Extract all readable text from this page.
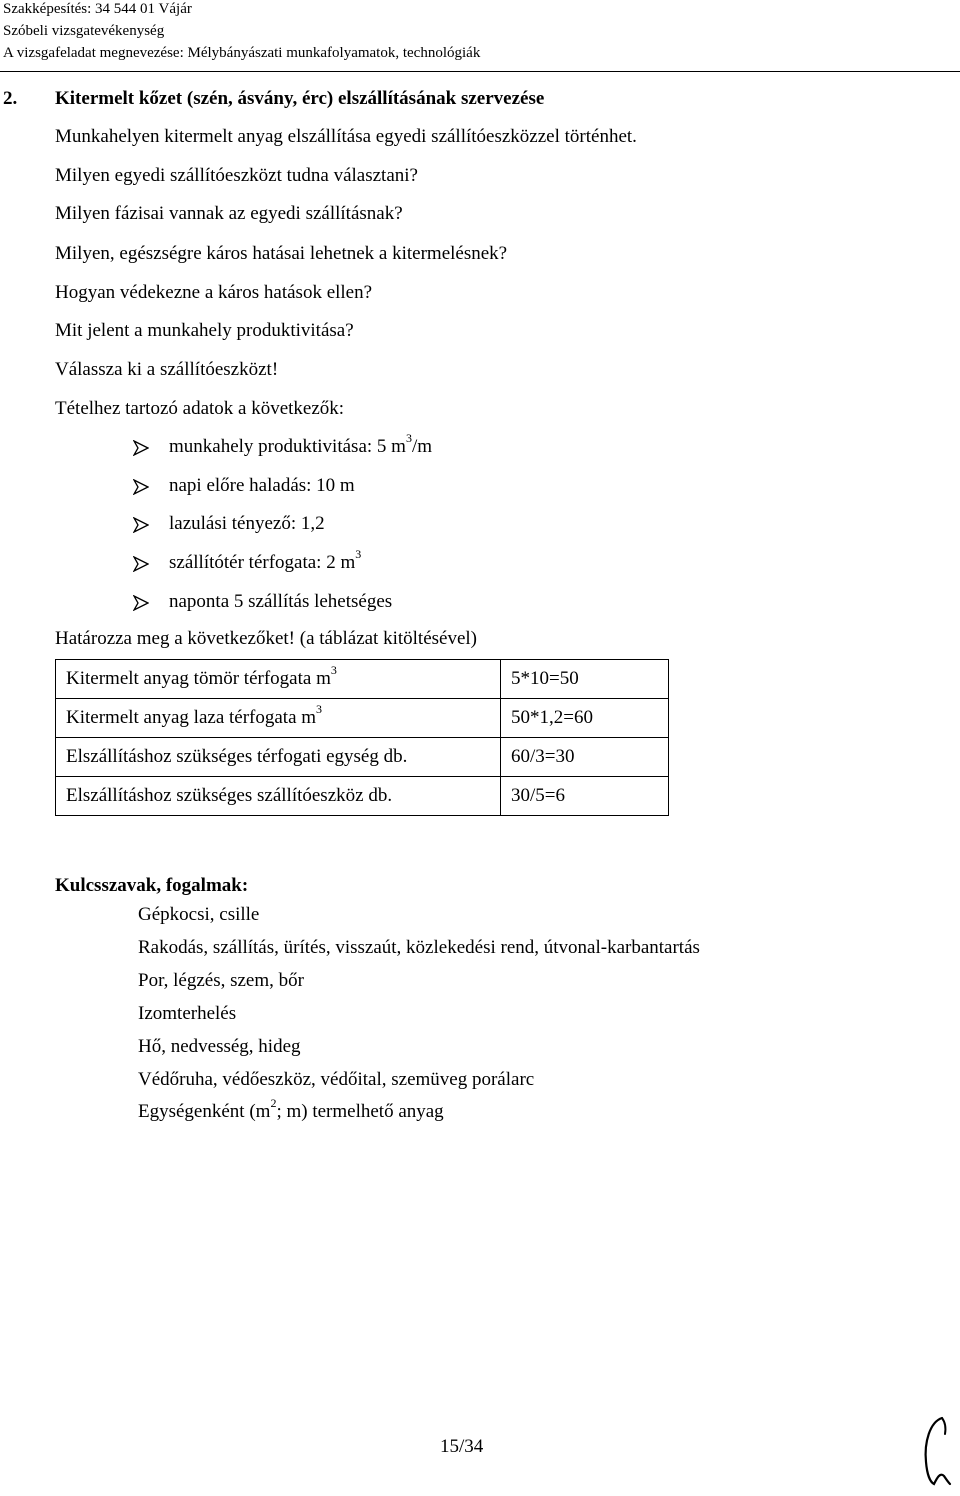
Szakképesítés: 34 544 01 Vájár
Szóbeli vizsgatevékenység
A vizsgafeladat megnevezése: Mélybányászati munkafolyamatok, technológiák
2. Kitermelt kőzet (szén, ásvány, érc) elszállításának szervezése
Munkahelyen kitermelt anyag elszállítása egyedi szállítóeszközzel történhet.
Milyen egyedi szállítóeszközt tudna választani?
Milyen fázisai vannak az egyedi szállításnak?
Milyen, egészségre káros hatásai lehetnek a kitermelésnek?
Hogyan védekezne a káros hatások ellen?
Mit jelent a munkahely produktivitása?
Válassza ki a szállítóeszközt!
Tételhez tartozó adatok a következők:
munkahely produktivitása: 5 $m^3/m$
napi előre haladás: 10 m
lazulási tényező: 1,2
szállítótér térfogata: 2 $m^3$
naponta 5 szállítás lehetséges
Határozza meg a következőket! (a táblázat kitöltésével)
Kitermelt anyag tömör térfogata $m^3$	5*10=50
Kitermelt anyag laza térfogata $m^3$	50*1,2=60
Elszállításhoz szükséges térfogati egység db.	60/3=30
Elszállításhoz szükséges szállítóeszköz db.	30/5=6
Kulcsszavak, fogalmak:
Gépkocsi, csille
Rakodás, szállítás, ürítés, visszaút, közlekedési rend, útvonal-karbantartás
Por, légzés, szem, bőr
Izomterhelés
Hő, nedvesség, hideg
Védőruha, védőeszköz, védőital, szemüveg porálarc
Egységenként ($m^2$; m) termelhető anyag
15/34
